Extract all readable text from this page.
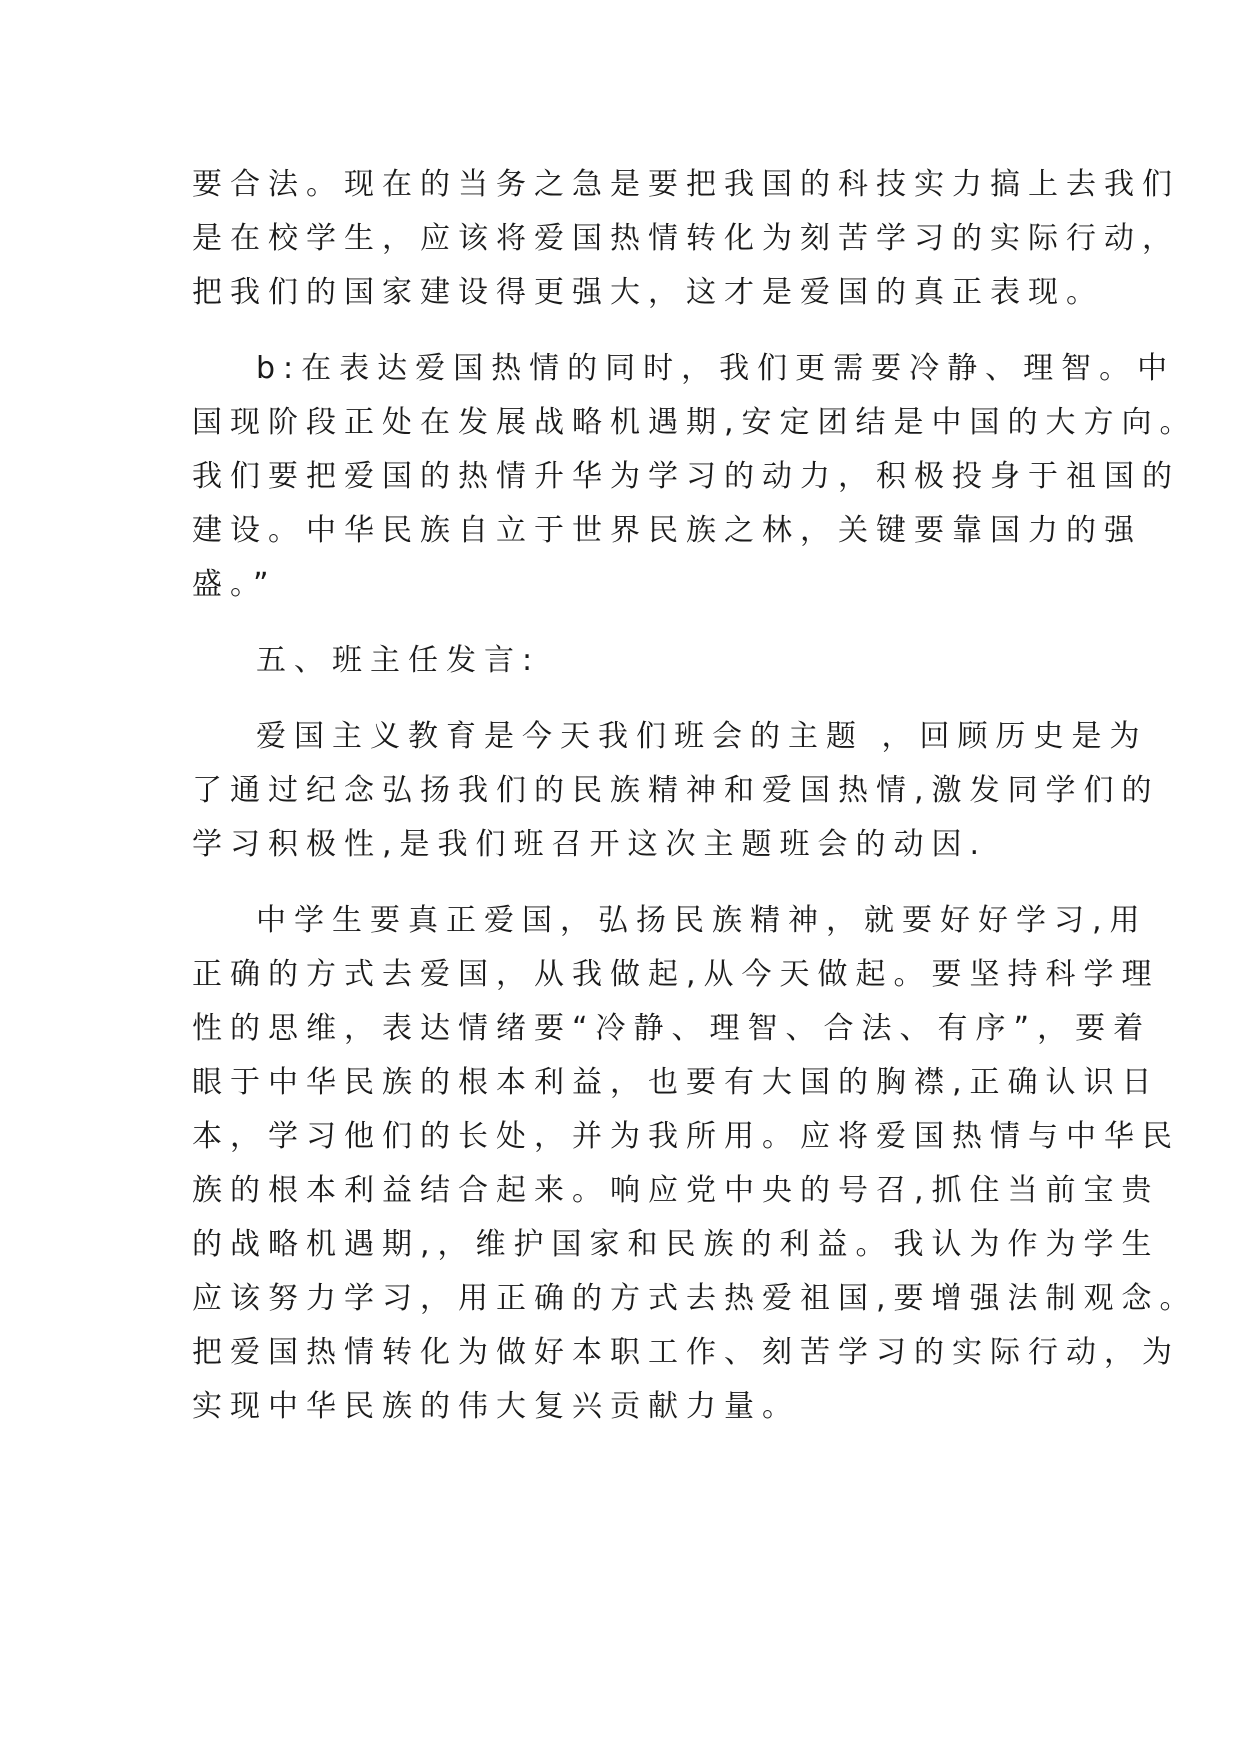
要合法。现在的当务之急是要把我国的科技实力搞上去我们
是在校学生，应该将爱国热情转化为刻苦学习的实际行动，
把我们的国家建设得更强大，这才是爱国的真正表现。
b:在表达爱国热情的同时，我们更需要冷静、理智。中
国现阶段正处在发展战略机遇期,安定团结是中国的大方向。
我们要把爱国的热情升华为学习的动力，积极投身于祖国的
建设。中华民族自立于世界民族之林，关键要靠国力的强
盛。”
五、班主任发言:
爱国主义教育是今天我们班会的主题 ，回顾历史是为
了通过纪念弘扬我们的民族精神和爱国热情,激发同学们的
学习积极性,是我们班召开这次主题班会的动因.
中学生要真正爱国，弘扬民族精神，就要好好学习,用
正确的方式去爱国，从我做起,从今天做起。要坚持科学理
性的思维，表达情绪要“冷静、理智、合法、有序”，要着
眼于中华民族的根本利益，也要有大国的胸襟,正确认识日
本，学习他们的长处，并为我所用。应将爱国热情与中华民
族的根本利益结合起来。响应党中央的号召,抓住当前宝贵
的战略机遇期,，维护国家和民族的利益。我认为作为学生
应该努力学习，用正确的方式去热爱祖国,要增强法制观念。
把爱国热情转化为做好本职工作、刻苦学习的实际行动，为
实现中华民族的伟大复兴贡献力量。
